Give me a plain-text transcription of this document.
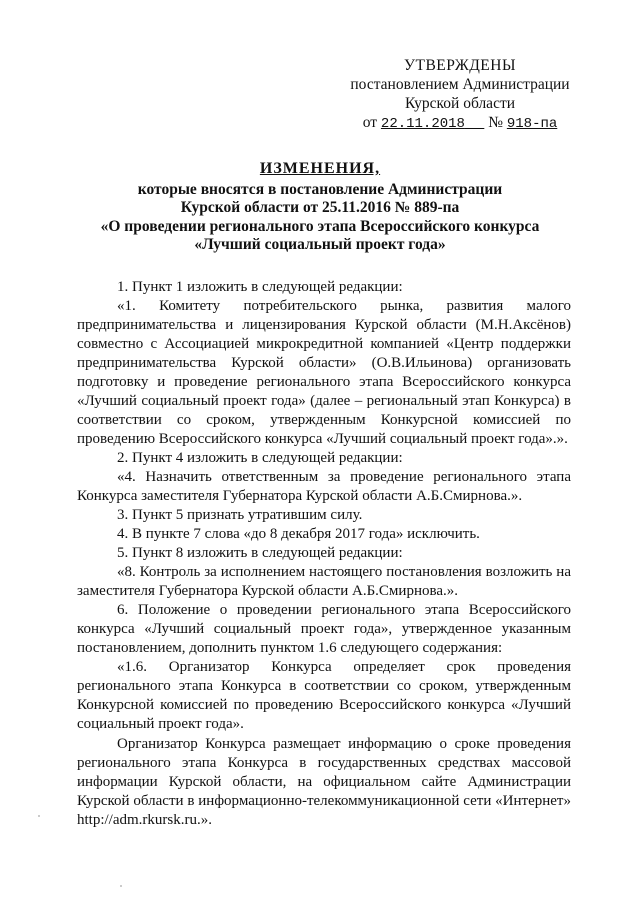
УТВЕРЖДЕНЫ
постановлением Администрации
Курской области
от 22.11.2018 № 918-па
ИЗМЕНЕНИЯ,
которые вносятся в постановление Администрации
Курской области от 25.11.2016 № 889-па
«О проведении регионального этапа Всероссийского конкурса
«Лучший социальный проект года»

1. Пункт 1 изложить в следующей редакции:

«1. Комитету потребительского рынка, развития малого предпринимательства и лицензирования Курской области (М.Н.Аксёнов) совместно с Ассоциацией микрокредитной компанией «Центр поддержки предпринимательства Курской области» (О.В.Ильинова) организовать подготовку и проведение регионального этапа Всероссийского конкурса «Лучший социальный проект года» (далее – региональный этап Конкурса) в соответствии со сроком, утвержденным Конкурсной комиссией по проведению Всероссийского конкурса «Лучший социальный проект года».».

2. Пункт 4 изложить в следующей редакции:

«4. Назначить ответственным за проведение регионального этапа Конкурса заместителя Губернатора Курской области А.Б.Смирнова.».

3. Пункт 5 признать утратившим силу.

4. В пункте 7 слова «до 8 декабря 2017 года» исключить.

5. Пункт 8 изложить в следующей редакции:

«8. Контроль за исполнением настоящего постановления возложить на заместителя Губернатора Курской области А.Б.Смирнова.».

6. Положение о проведении регионального этапа Всероссийского конкурса «Лучший социальный проект года», утвержденное указанным постановлением, дополнить пунктом 1.6 следующего содержания:

«1.6. Организатор Конкурса определяет срок проведения регионального этапа Конкурса в соответствии со сроком, утвержденным Конкурсной комиссией по проведению Всероссийского конкурса «Лучший социальный проект года».

Организатор Конкурса размещает информацию о сроке проведения регионального этапа Конкурса в государственных средствах массовой информации Курской области, на официальном сайте Администрации Курской области в информационно-телекоммуникационной сети «Интернет» http://adm.rkursk.ru.».
